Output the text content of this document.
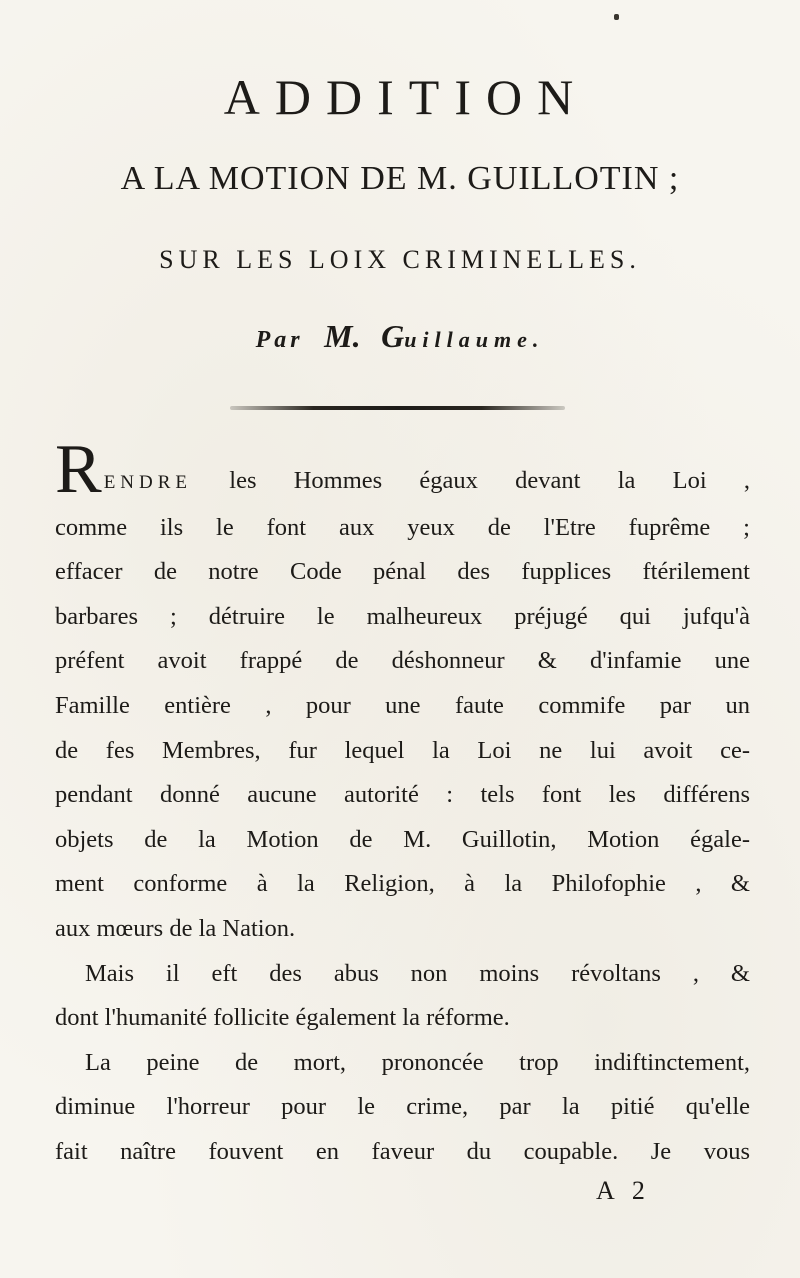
ADDITION
A LA MOTION DE M. GUILLOTIN ;
SUR LES LOIX CRIMINELLES.
Par M. Guillaume.
RENDRE les Hommes égaux devant la Loi ,
comme ils le font aux yeux de l'Etre fuprême ;
effacer de notre Code pénal des fupplices ftérilement
barbares ; détruire le malheureux préjugé qui jufqu'à
préfent avoit frappé de déshonneur & d'infamie une
Famille entière , pour une faute commife par un
de fes Membres, fur lequel la Loi ne lui avoit ce-
pendant donné aucune autorité : tels font les différens
objets de la Motion de M. Guillotin, Motion égale-
ment conforme à la Religion, à la Philofophie , &
aux mœurs de la Nation.
Mais il eft des abus non moins révoltans , &
dont l'humanité follicite également la réforme.
La peine de mort, prononcée trop indiftinctement,
diminue l'horreur pour le crime, par la pitié qu'elle
fait naître fouvent en faveur du coupable. Je vous
A 2
